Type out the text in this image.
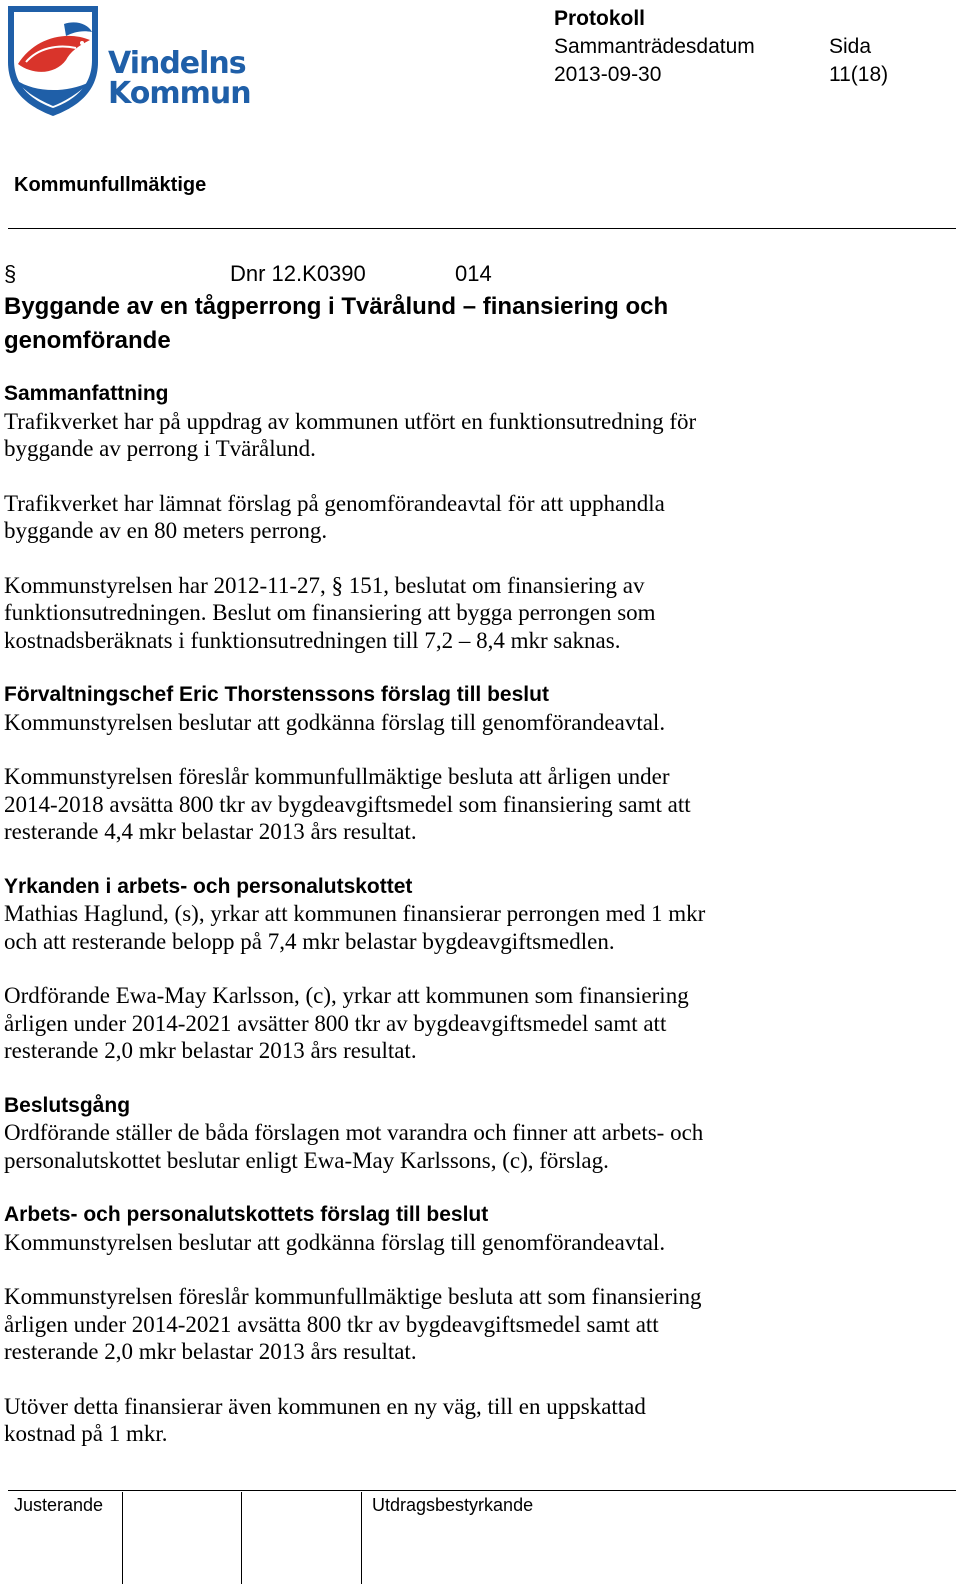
Vindelns
Kommun
Protokoll
Sammanträdesdatum	Sida
2013-09-30	11(18)
Kommunfullmäktige
§	Dnr 12.K0390	014

Byggande av en tågperrong i Tvärålund – finansiering och

genomförande

Sammanfattning

Trafikverket har på uppdrag av kommunen utfört en funktionsutredning för

byggande av perrong i Tvärålund.

Trafikverket har lämnat förslag på genomförandeavtal för att upphandla

byggande av en 80 meters perrong.

Kommunstyrelsen har 2012-11-27, § 151, beslutat om finansiering av

funktionsutredningen. Beslut om finansiering att bygga perrongen som

kostnadsberäknats i funktionsutredningen till 7,2 – 8,4 mkr saknas.

Förvaltningschef Eric Thorstenssons förslag till beslut

Kommunstyrelsen beslutar att godkänna förslag till genomförandeavtal.

Kommunstyrelsen föreslår kommunfullmäktige besluta att årligen under

2014-2018 avsätta 800 tkr av bygdeavgiftsmedel som finansiering samt att

resterande 4,4 mkr belastar 2013 års resultat.

Yrkanden i arbets- och personalutskottet

Mathias Haglund, (s), yrkar att kommunen finansierar perrongen med 1 mkr

och att resterande belopp på 7,4 mkr belastar bygdeavgiftsmedlen.

Ordförande Ewa-May Karlsson, (c), yrkar att kommunen som finansiering

årligen under 2014-2021 avsätter 800 tkr av bygdeavgiftsmedel samt att

resterande 2,0 mkr belastar 2013 års resultat.

Beslutsgång

Ordförande ställer de båda förslagen mot varandra och finner att arbets- och

personalutskottet beslutar enligt Ewa-May Karlssons, (c), förslag.

Arbets- och personalutskottets förslag till beslut

Kommunstyrelsen beslutar att godkänna förslag till genomförandeavtal.

Kommunstyrelsen föreslår kommunfullmäktige besluta att som finansiering

årligen under 2014-2021 avsätta 800 tkr av bygdeavgiftsmedel samt att

resterande 2,0 mkr belastar 2013 års resultat.

Utöver detta finansierar även kommunen en ny väg, till en uppskattad

kostnad på 1 mkr.

Justerande	Utdragsbestyrkande
